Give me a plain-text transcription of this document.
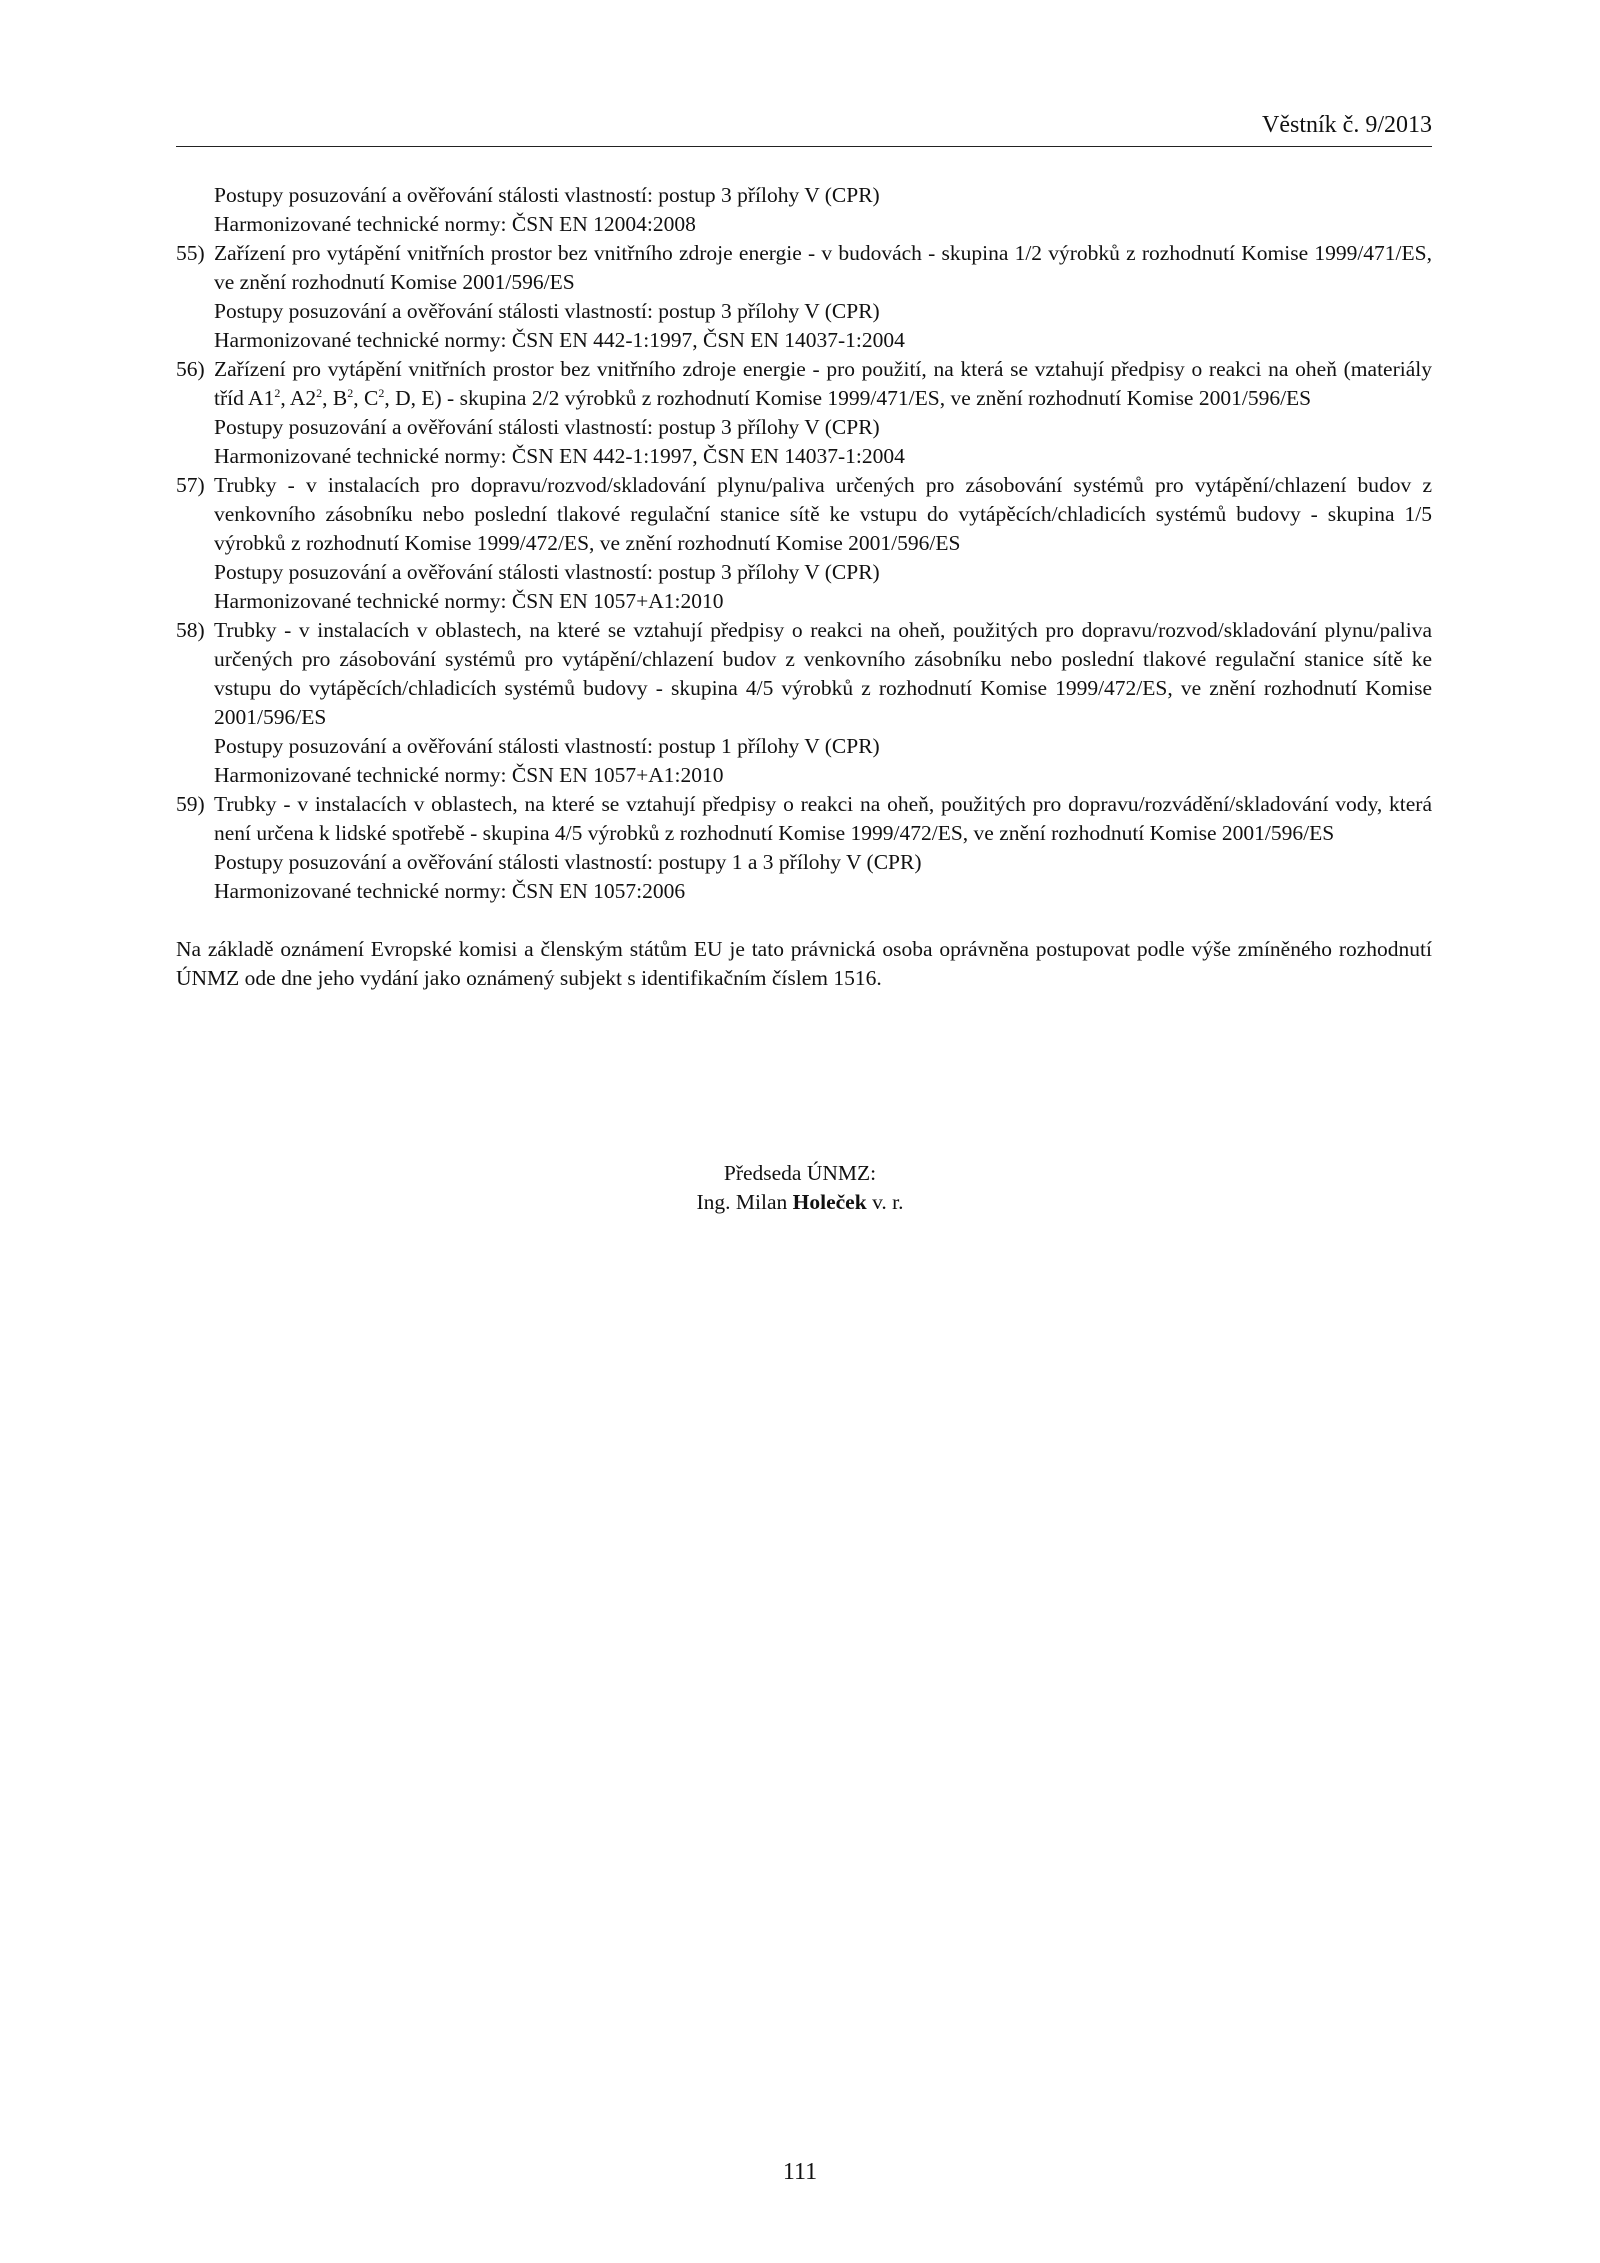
Věstník č. 9/2013
Postupy posuzování a ověřování stálosti vlastností: postup 3 přílohy V (CPR)
Harmonizované technické normy: ČSN EN 12004:2008
55) Zařízení pro vytápění vnitřních prostor bez vnitřního zdroje energie - v budovách - skupina 1/2 výrobků z rozhodnutí Komise 1999/471/ES, ve znění rozhodnutí Komise 2001/596/ES
Postupy posuzování a ověřování stálosti vlastností: postup 3 přílohy V (CPR)
Harmonizované technické normy: ČSN EN 442-1:1997, ČSN EN 14037-1:2004
56) Zařízení pro vytápění vnitřních prostor bez vnitřního zdroje energie - pro použití, na která se vztahují předpisy o reakci na oheň (materiály tříd $A1^2$, $A2^2$, $B^2$, $C^2$, D, E) - skupina 2/2 výrobků z rozhodnutí Komise 1999/471/ES, ve znění rozhodnutí Komise 2001/596/ES
Postupy posuzování a ověřování stálosti vlastností: postup 3 přílohy V (CPR)
Harmonizované technické normy: ČSN EN 442-1:1997, ČSN EN 14037-1:2004
57) Trubky - v instalacích pro dopravu/rozvod/skladování plynu/paliva určených pro zásobování systémů pro vytápění/chlazení budov z venkovního zásobníku nebo poslední tlakové regulační stanice sítě ke vstupu do vytápěcích/chladicích systémů budovy - skupina 1/5 výrobků z rozhodnutí Komise 1999/472/ES, ve znění rozhodnutí Komise 2001/596/ES
Postupy posuzování a ověřování stálosti vlastností: postup 3 přílohy V (CPR)
Harmonizované technické normy: ČSN EN 1057+A1:2010
58) Trubky - v instalacích v oblastech, na které se vztahují předpisy o reakci na oheň, použitých pro dopravu/rozvod/skladování plynu/paliva určených pro zásobování systémů pro vytápění/chlazení budov z venkovního zásobníku nebo poslední tlakové regulační stanice sítě ke vstupu do vytápěcích/chladicích systémů budovy - skupina 4/5 výrobků z rozhodnutí Komise 1999/472/ES, ve znění rozhodnutí Komise 2001/596/ES
Postupy posuzování a ověřování stálosti vlastností: postup 1 přílohy V (CPR)
Harmonizované technické normy: ČSN EN 1057+A1:2010
59) Trubky - v instalacích v oblastech, na které se vztahují předpisy o reakci na oheň, použitých pro dopravu/rozvádění/skladování vody, která není určena k lidské spotřebě - skupina 4/5 výrobků z rozhodnutí Komise 1999/472/ES, ve znění rozhodnutí Komise 2001/596/ES
Postupy posuzování a ověřování stálosti vlastností: postupy 1 a 3 přílohy V (CPR)
Harmonizované technické normy: ČSN EN 1057:2006
Na základě oznámení Evropské komisi a členským státům EU je tato právnická osoba oprávněna postupovat podle výše zmíněného rozhodnutí ÚNMZ ode dne jeho vydání jako oznámený subjekt s identifikačním číslem 1516.
Předseda ÚNMZ:
Ing. Milan Holeček v. r.
111
